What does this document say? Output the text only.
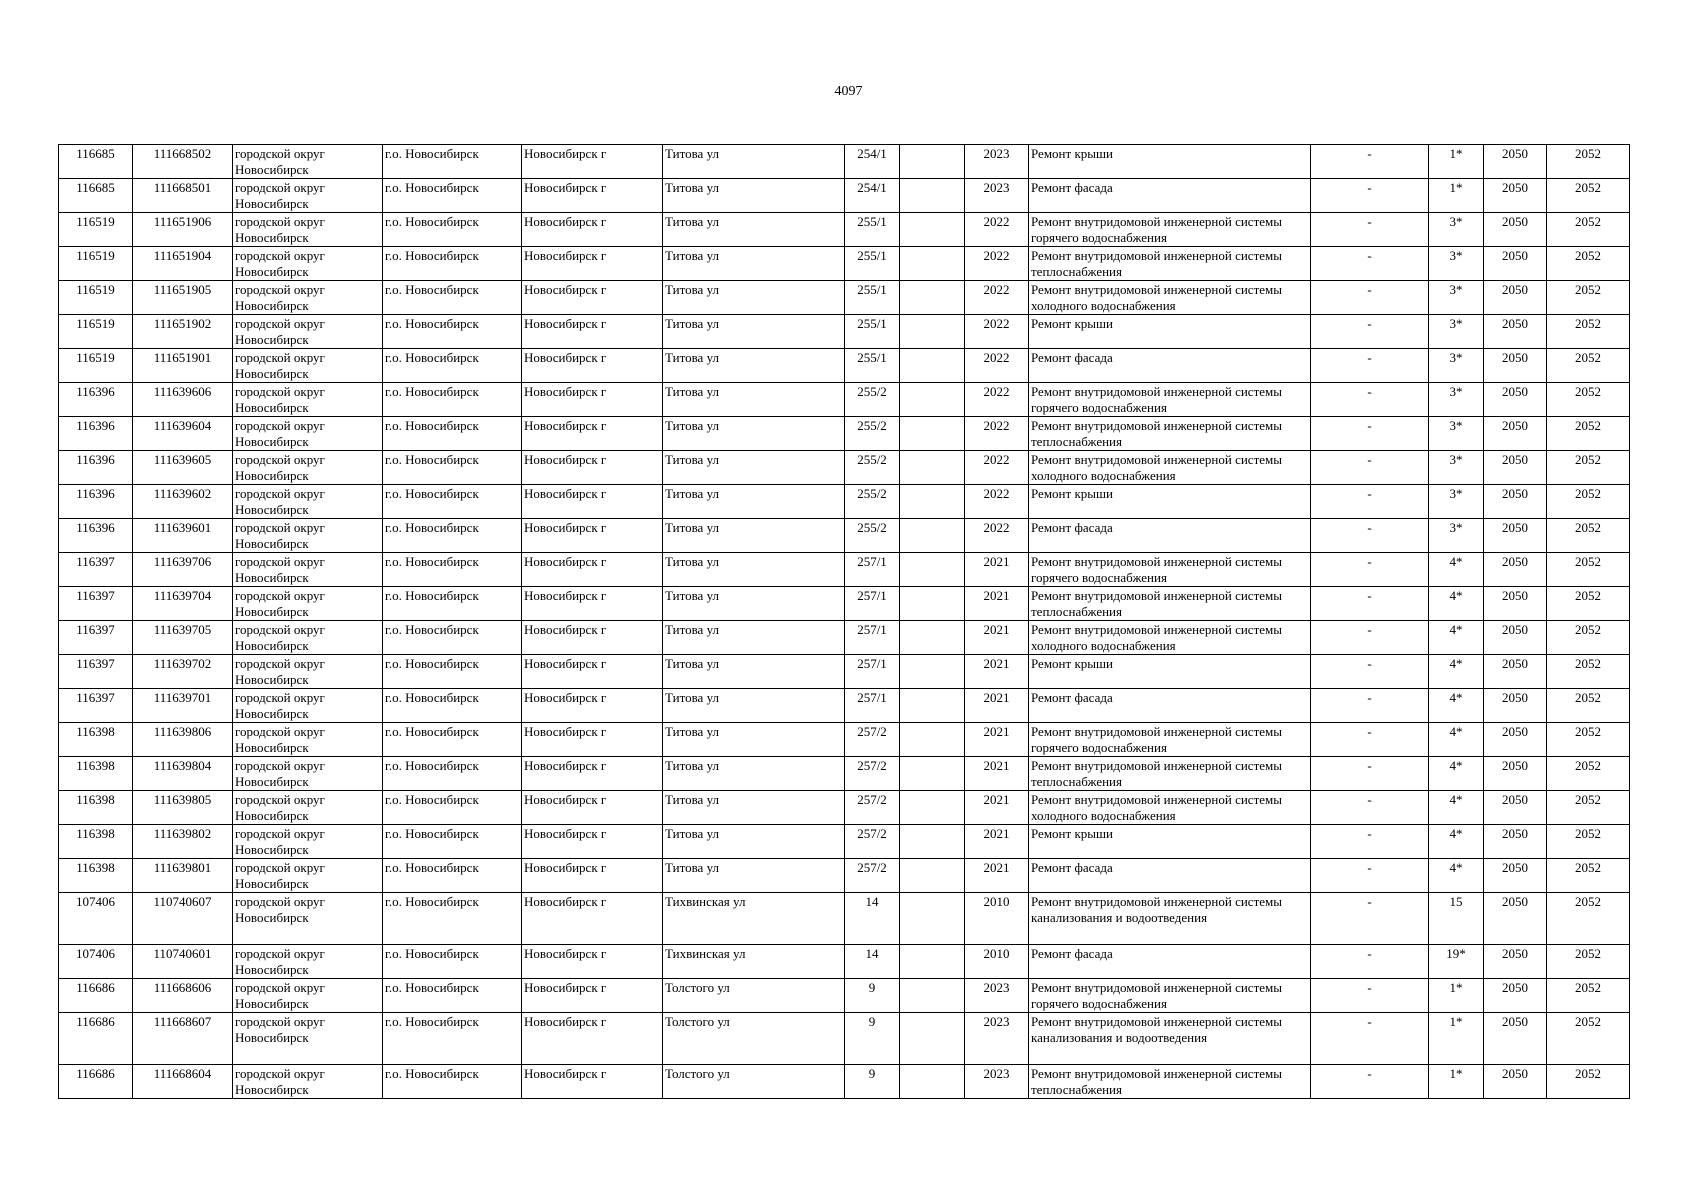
4097
116685	111668502	городской округ Новосибирск	г.о. Новосибирск	Новосибирск г	Титова ул	254/1		2023	Ремонт крыши	-	1*	2050	2052
116685	111668501	городской округ Новосибирск	г.о. Новосибирск	Новосибирск г	Титова ул	254/1		2023	Ремонт фасада	-	1*	2050	2052
116519	111651906	городской округ Новосибирск	г.о. Новосибирск	Новосибирск г	Титова ул	255/1		2022	Ремонт внутридомовой инженерной системы горячего водоснабжения	-	3*	2050	2052
116519	111651904	городской округ Новосибирск	г.о. Новосибирск	Новосибирск г	Титова ул	255/1		2022	Ремонт внутридомовой инженерной системы теплоснабжения	-	3*	2050	2052
116519	111651905	городской округ Новосибирск	г.о. Новосибирск	Новосибирск г	Титова ул	255/1		2022	Ремонт внутридомовой инженерной системы холодного водоснабжения	-	3*	2050	2052
116519	111651902	городской округ Новосибирск	г.о. Новосибирск	Новосибирск г	Титова ул	255/1		2022	Ремонт крыши	-	3*	2050	2052
116519	111651901	городской округ Новосибирск	г.о. Новосибирск	Новосибирск г	Титова ул	255/1		2022	Ремонт фасада	-	3*	2050	2052
116396	111639606	городской округ Новосибирск	г.о. Новосибирск	Новосибирск г	Титова ул	255/2		2022	Ремонт внутридомовой инженерной системы горячего водоснабжения	-	3*	2050	2052
116396	111639604	городской округ Новосибирск	г.о. Новосибирск	Новосибирск г	Титова ул	255/2		2022	Ремонт внутридомовой инженерной системы теплоснабжения	-	3*	2050	2052
116396	111639605	городской округ Новосибирск	г.о. Новосибирск	Новосибирск г	Титова ул	255/2		2022	Ремонт внутридомовой инженерной системы холодного водоснабжения	-	3*	2050	2052
116396	111639602	городской округ Новосибирск	г.о. Новосибирск	Новосибирск г	Титова ул	255/2		2022	Ремонт крыши	-	3*	2050	2052
116396	111639601	городской округ Новосибирск	г.о. Новосибирск	Новосибирск г	Титова ул	255/2		2022	Ремонт фасада	-	3*	2050	2052
116397	111639706	городской округ Новосибирск	г.о. Новосибирск	Новосибирск г	Титова ул	257/1		2021	Ремонт внутридомовой инженерной системы горячего водоснабжения	-	4*	2050	2052
116397	111639704	городской округ Новосибирск	г.о. Новосибирск	Новосибирск г	Титова ул	257/1		2021	Ремонт внутридомовой инженерной системы теплоснабжения	-	4*	2050	2052
116397	111639705	городской округ Новосибирск	г.о. Новосибирск	Новосибирск г	Титова ул	257/1		2021	Ремонт внутридомовой инженерной системы холодного водоснабжения	-	4*	2050	2052
116397	111639702	городской округ Новосибирск	г.о. Новосибирск	Новосибирск г	Титова ул	257/1		2021	Ремонт крыши	-	4*	2050	2052
116397	111639701	городской округ Новосибирск	г.о. Новосибирск	Новосибирск г	Титова ул	257/1		2021	Ремонт фасада	-	4*	2050	2052
116398	111639806	городской округ Новосибирск	г.о. Новосибирск	Новосибирск г	Титова ул	257/2		2021	Ремонт внутридомовой инженерной системы горячего водоснабжения	-	4*	2050	2052
116398	111639804	городской округ Новосибирск	г.о. Новосибирск	Новосибирск г	Титова ул	257/2		2021	Ремонт внутридомовой инженерной системы теплоснабжения	-	4*	2050	2052
116398	111639805	городской округ Новосибирск	г.о. Новосибирск	Новосибирск г	Титова ул	257/2		2021	Ремонт внутридомовой инженерной системы холодного водоснабжения	-	4*	2050	2052
116398	111639802	городской округ Новосибирск	г.о. Новосибирск	Новосибирск г	Титова ул	257/2		2021	Ремонт крыши	-	4*	2050	2052
116398	111639801	городской округ Новосибирск	г.о. Новосибирск	Новосибирск г	Титова ул	257/2		2021	Ремонт фасада	-	4*	2050	2052
107406	110740607	городской округ Новосибирск	г.о. Новосибирск	Новосибирск г	Тихвинская ул	14		2010	Ремонт внутридомовой инженерной системы канализования и водоотведения	-	15	2050	2052
107406	110740601	городской округ Новосибирск	г.о. Новосибирск	Новосибирск г	Тихвинская ул	14		2010	Ремонт фасада	-	19*	2050	2052
116686	111668606	городской округ Новосибирск	г.о. Новосибирск	Новосибирск г	Толстого ул	9		2023	Ремонт внутридомовой инженерной системы горячего водоснабжения	-	1*	2050	2052
116686	111668607	городской округ Новосибирск	г.о. Новосибирск	Новосибирск г	Толстого ул	9		2023	Ремонт внутридомовой инженерной системы канализования и водоотведения	-	1*	2050	2052
116686	111668604	городской округ Новосибирск	г.о. Новосибирск	Новосибирск г	Толстого ул	9		2023	Ремонт внутридомовой инженерной системы теплоснабжения	-	1*	2050	2052
